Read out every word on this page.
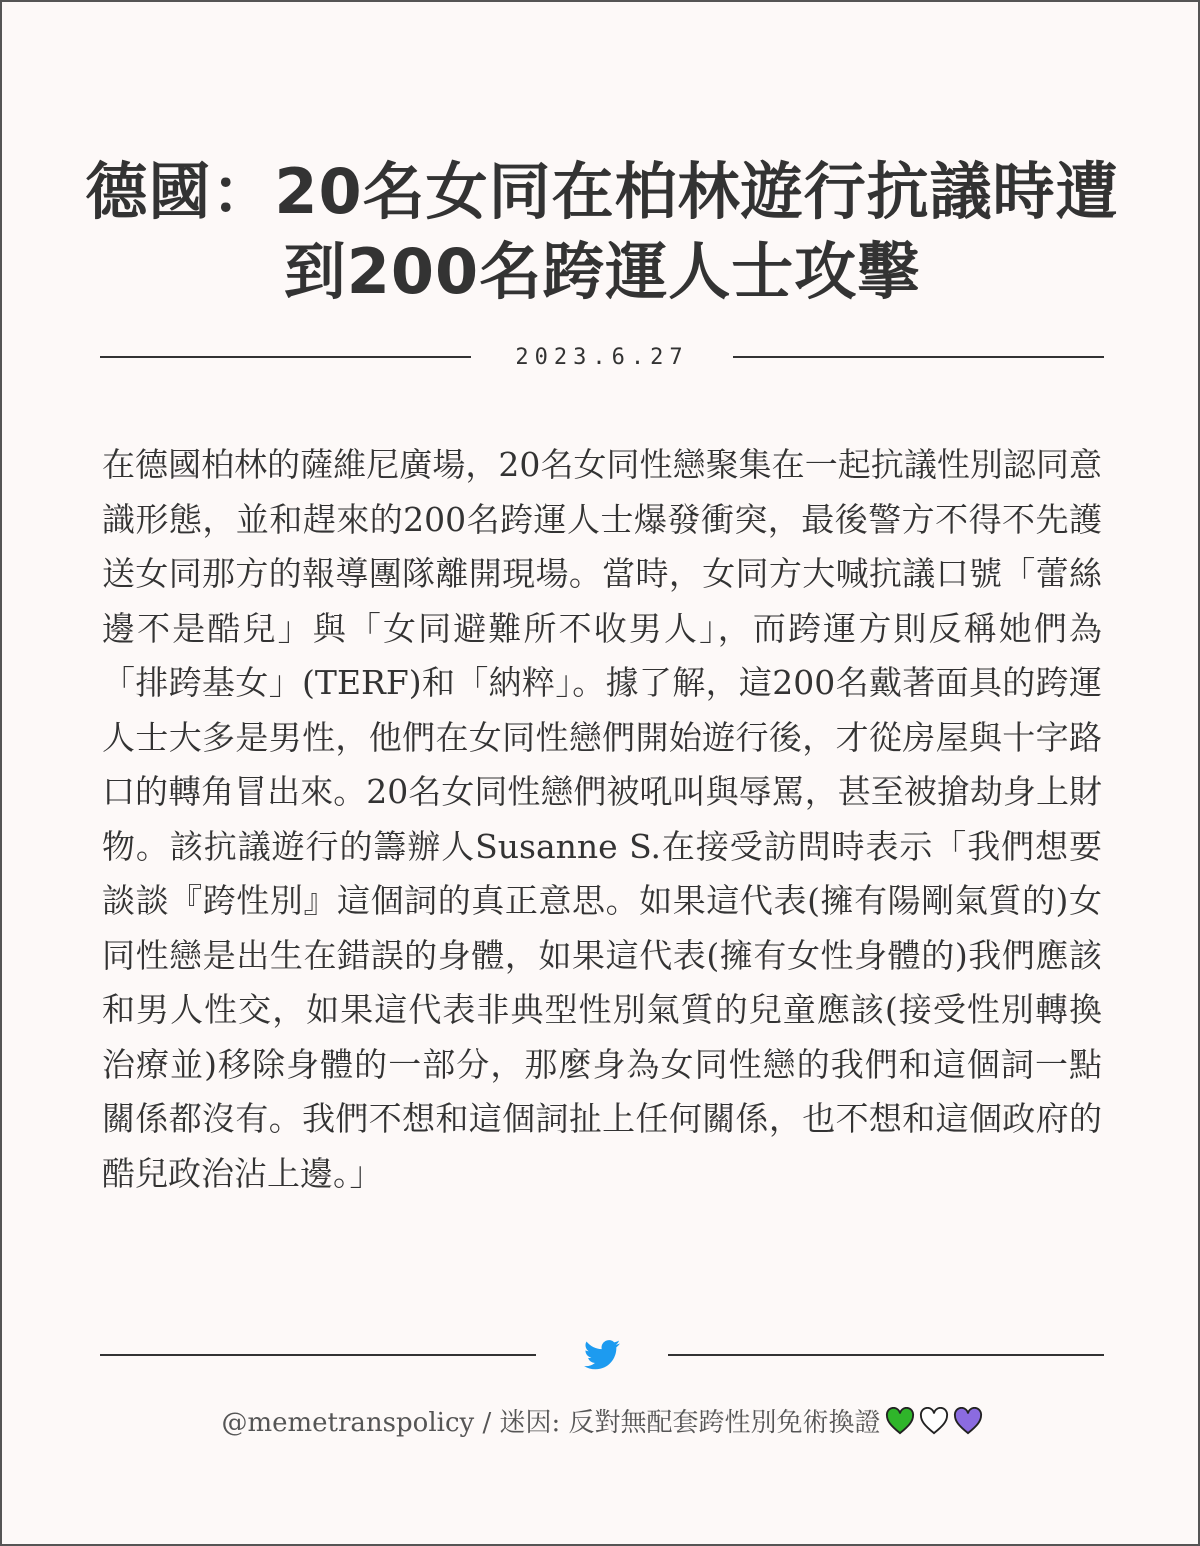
德國：20名女同在柏林遊行抗議時遭到200名跨運人士攻擊
2023.6.27

在德國柏林的薩維尼廣場，20名女同性戀聚集在一起抗議性別認同意識形態，並和趕來的200名跨運人士爆發衝突，最後警方不得不先護送女同那方的報導團隊離開現場。當時，女同方大喊抗議口號「蕾絲邊不是酷兒」與「女同避難所不收男人」，而跨運方則反稱她們為「排跨基女」(TERF)和「納粹」。據了解，這200名戴著面具的跨運人士大多是男性，他們在女同性戀們開始遊行後，才從房屋與十字路口的轉角冒出來。20名女同性戀們被吼叫與辱罵，甚至被搶劫身上財物。該抗議遊行的籌辦人Susanne S.在接受訪問時表示「我們想要談談『跨性別』這個詞的真正意思。如果這代表(擁有陽剛氣質的)女同性戀是出生在錯誤的身體，如果這代表(擁有女性身體的)我們應該和男人性交，如果這代表非典型性別氣質的兒童應該(接受性別轉換治療並)移除身體的一部分，那麼身為女同性戀的我們和這個詞一點關係都沒有。我們不想和這個詞扯上任何關係，也不想和這個政府的酷兒政治沾上邊。」

@memetranspolicy / 迷因: 反對無配套跨性別免術換證
